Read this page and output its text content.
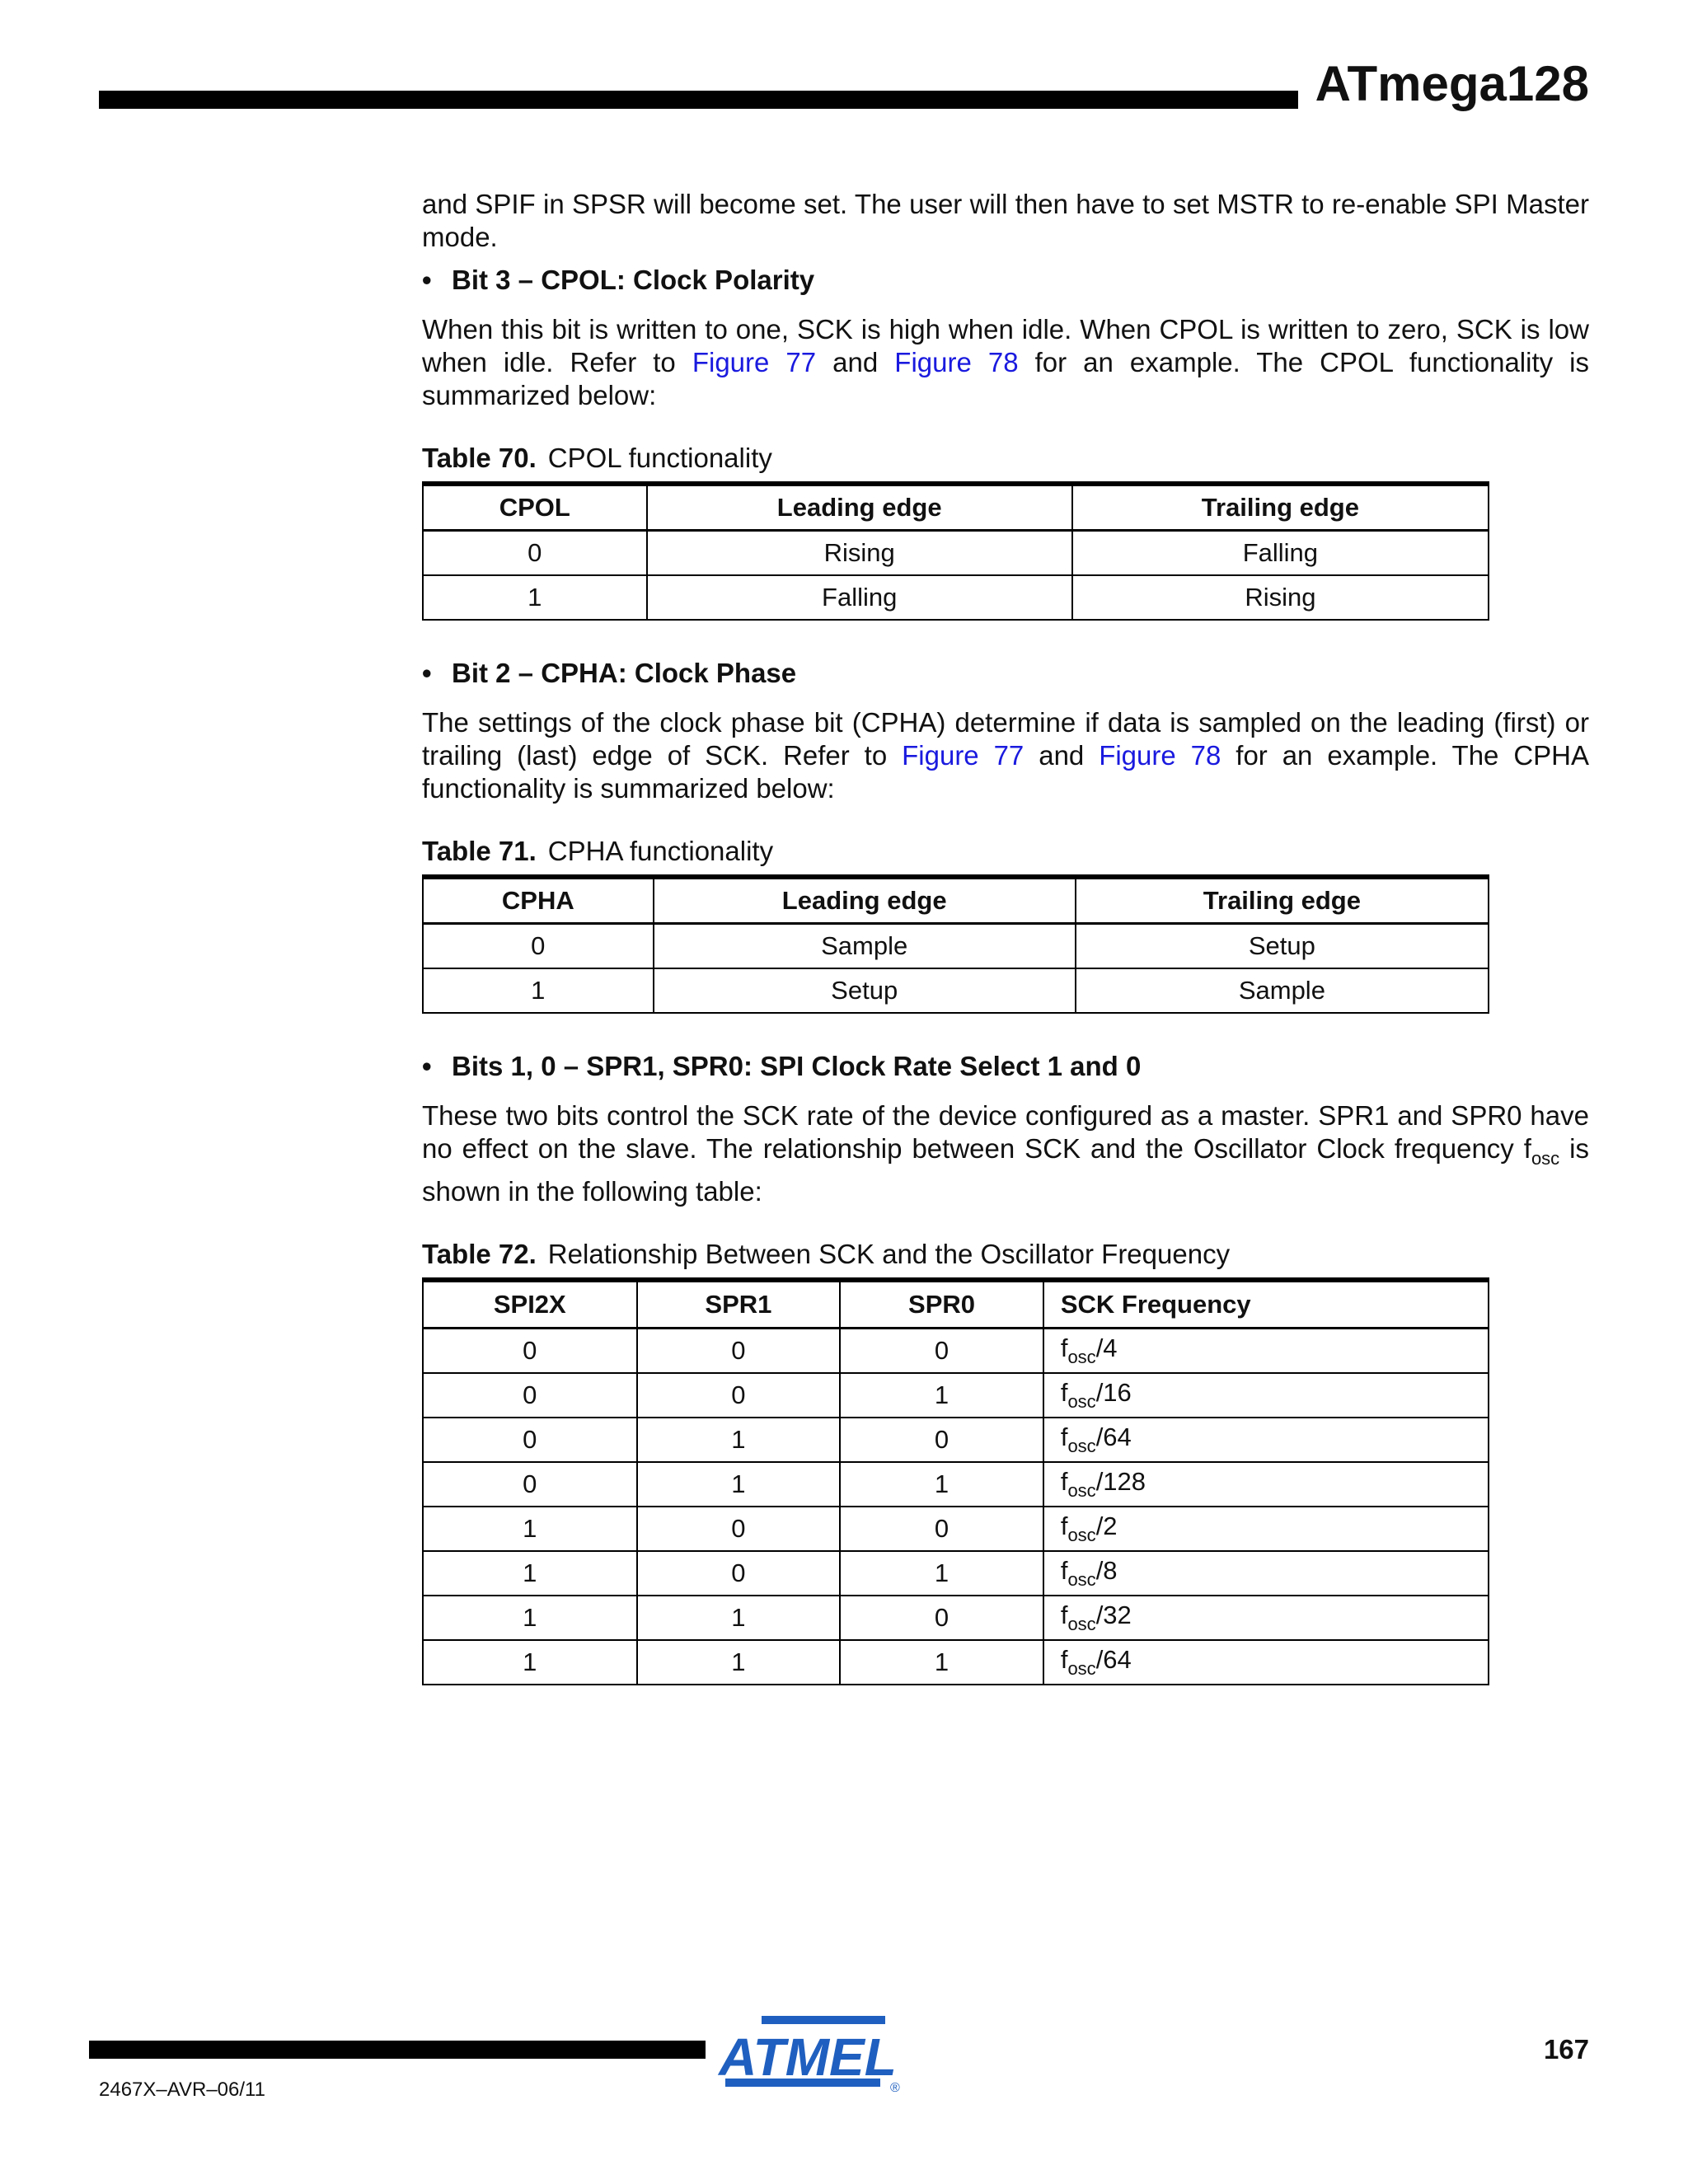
ATmega128

and SPIF in SPSR will become set. The user will then have to set MSTR to re-enable SPI Master mode.

• Bit 3 – CPOL: Clock Polarity

When this bit is written to one, SCK is high when idle. When CPOL is written to zero, SCK is low when idle. Refer to Figure 77 and Figure 78 for an example. The CPOL functionality is summarized below:

Table 70. CPOL functionality
CPOL	Leading edge	Trailing edge
0	Rising	Falling
1	Falling	Rising
• Bit 2 – CPHA: Clock Phase

The settings of the clock phase bit (CPHA) determine if data is sampled on the leading (first) or trailing (last) edge of SCK. Refer to Figure 77 and Figure 78 for an example. The CPHA functionality is summarized below:

Table 71. CPHA functionality
CPHA	Leading edge	Trailing edge
0	Sample	Setup
1	Setup	Sample
• Bits 1, 0 – SPR1, SPR0: SPI Clock Rate Select 1 and 0

These two bits control the SCK rate of the device configured as a master. SPR1 and SPR0 have no effect on the slave. The relationship between SCK and the Oscillator Clock frequency $f_{osc}$ is shown in the following table:

Table 72. Relationship Between SCK and the Oscillator Frequency
SPI2X	SPR1	SPR0	SCK Frequency
0	0	0	$f_{osc}/4$
0	0	1	$f_{osc}/16$
0	1	0	$f_{osc}/64$
0	1	1	$f_{osc}/128$
1	0	0	$f_{osc}/2$
1	0	1	$f_{osc}/8$
1	1	0	$f_{osc}/32$
1	1	1	$f_{osc}/64$
ATMEL
®
167
2467X–AVR–06/11
